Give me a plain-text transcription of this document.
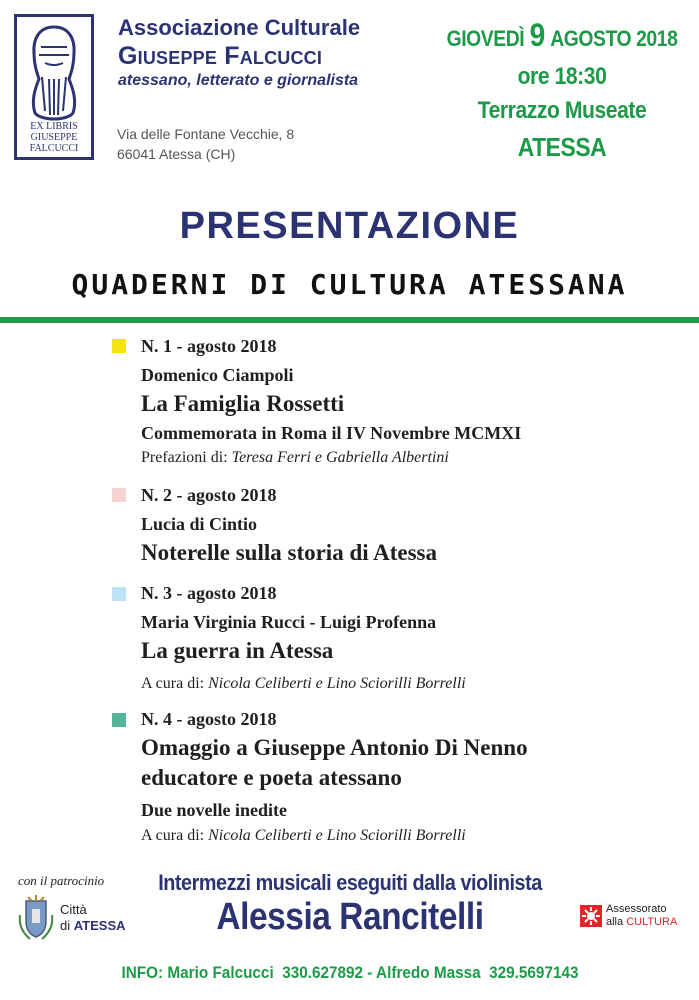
EX LIBRIS
GIUSEPPE
FALCUCCI
Associazione Culturale
Giuseppe Falcucci
atessano, letterato e giornalista
Via delle Fontane Vecchie, 8
66041 Atessa (CH)
GIOVEDÌ 9 AGOSTO 2018
ore 18:30
Terrazzo Museate
ATESSA
PRESENTAZIONE
QUADERNI DI CULTURA ATESSANA
N. 1 - agosto 2018
Domenico Ciampoli
La Famiglia Rossetti
Commemorata in Roma il IV Novembre MCMXI
Prefazioni di: Teresa Ferri e Gabriella Albertini
N. 2 - agosto 2018
Lucia di Cintio
Noterelle sulla storia di Atessa
N. 3 - agosto 2018
Maria Virginia Rucci - Luigi Profenna
La guerra in Atessa
A cura di: Nicola Celiberti e Lino Sciorilli Borrelli
N. 4 - agosto 2018
Omaggio a Giuseppe Antonio Di Nenno
educatore e poeta atessano
Due novelle inedite
A cura di: Nicola Celiberti e Lino Sciorilli Borrelli
con il patrocinio
Città
di ATESSA
Intermezzi musicali eseguiti dalla violinista
Alessia Rancitelli	Assessorato
alla CULTURA
INFO: Mario Falcucci  330.627892 - Alfredo Massa  329.5697143
